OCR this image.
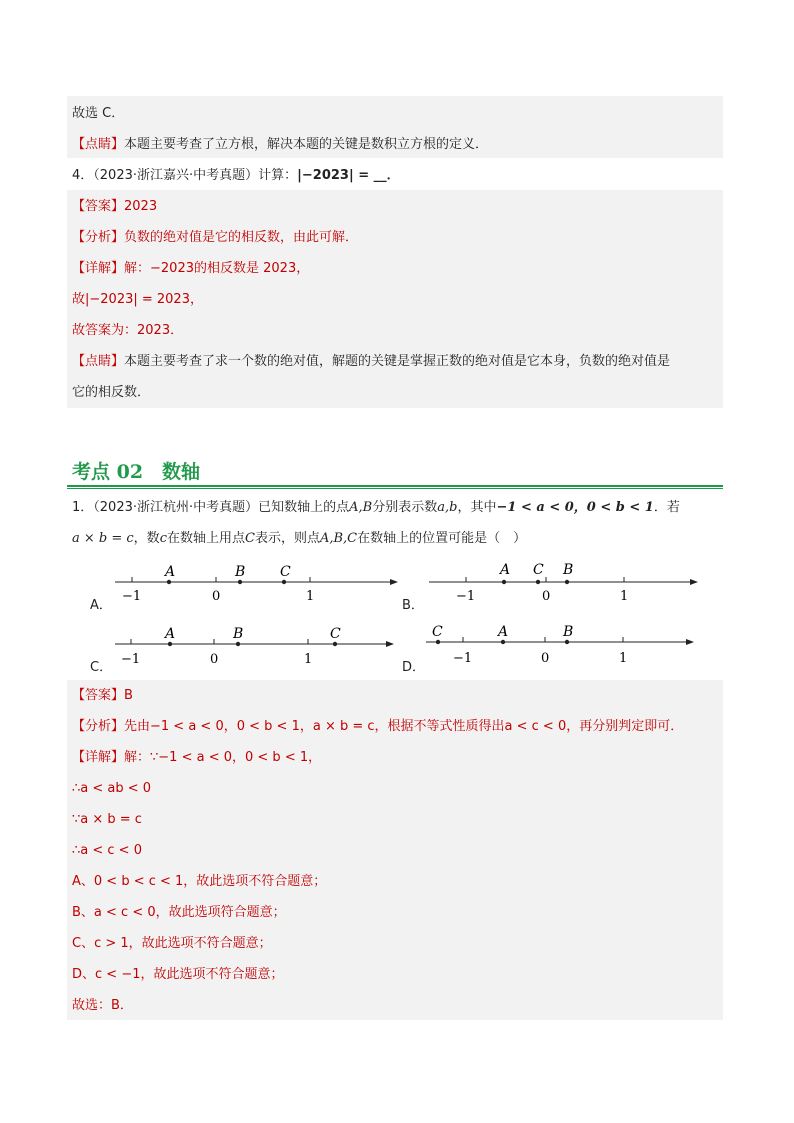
故选 C．
【点睛】本题主要考查了立方根，解决本题的关键是数积立方根的定义．
4．（2023·浙江嘉兴·中考真题）计算：|−2023| = __．
【答案】2023
【分析】负数的绝对值是它的相反数，由此可解．
【详解】解：−2023的相反数是 2023，
故|−2023| = 2023，
故答案为：2023．
【点睛】本题主要考查了求一个数的绝对值，解题的关键是掌握正数的绝对值是它本身，负数的绝对值是
它的相反数．
考点 02　数轴
1．（2023·浙江杭州·中考真题）已知数轴上的点A,B分别表示数a,b，其中−1 < a < 0，0 < b < 1．若
a × b = c，数c在数轴上用点C表示，则点A,B,C在数轴上的位置可能是（　）
A．
A	B C
−1	0	1
B．
A C B
−1	0	1
C．
A	B	C
−1	0	1
D．
C	A	B
−1	0	1
【答案】B
【分析】先由−1 < a < 0，0 < b < 1，a × b = c，根据不等式性质得出a < c < 0，再分别判定即可．
【详解】解：∵−1 < a < 0，0 < b < 1，
∴a < ab < 0
∵a × b = c
∴a < c < 0
A、0 < b < c < 1，故此选项不符合题意；
B、a < c < 0，故此选项符合题意；
C、c > 1，故此选项不符合题意；
D、c < −1，故此选项不符合题意；
故选：B．
